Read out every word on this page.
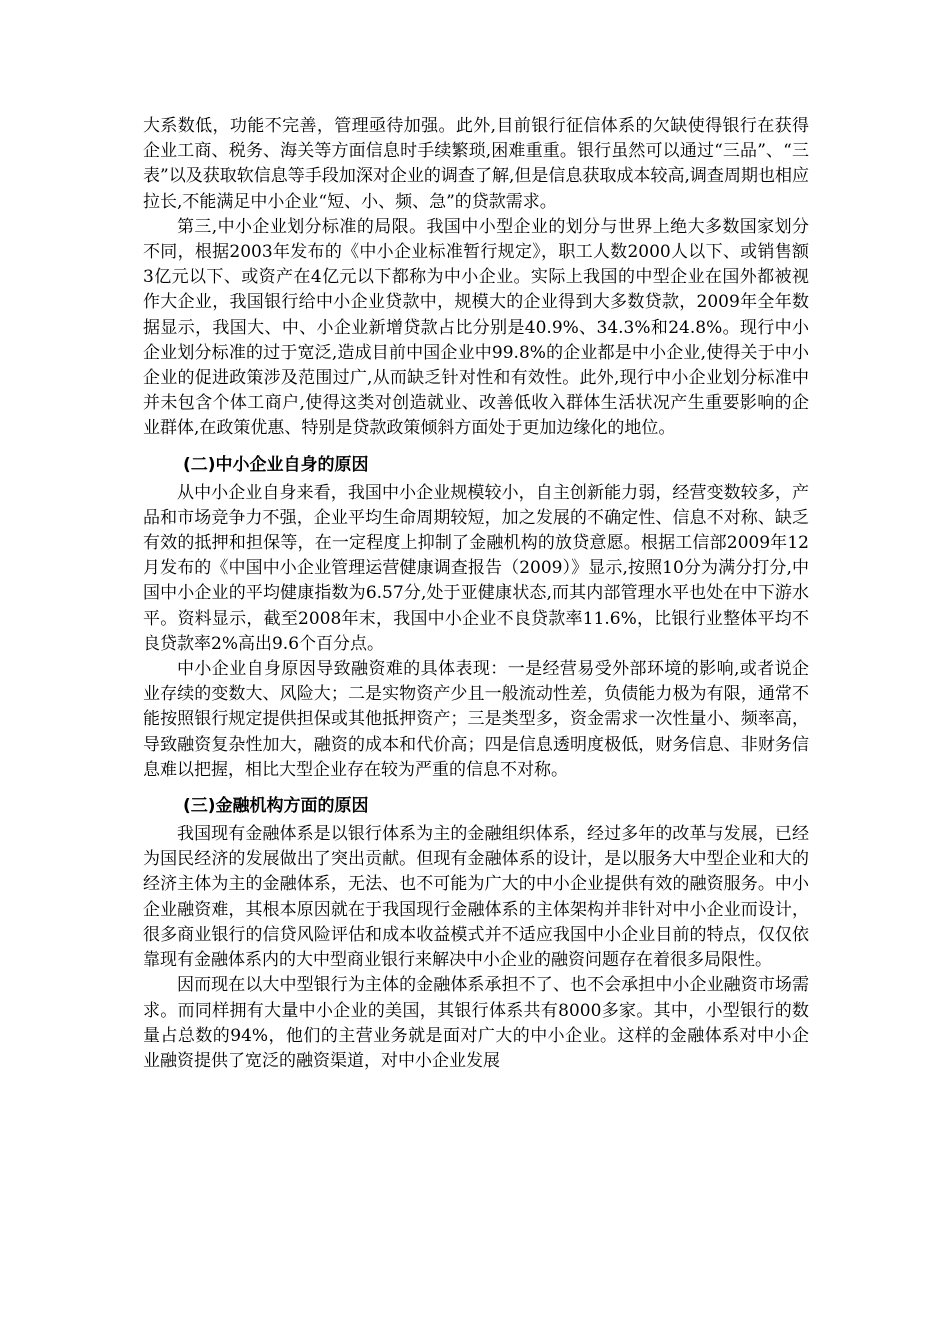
大系数低，功能不完善，管理亟待加强。此外,目前银行征信体系的欠缺使得银行在获得企业工商、税务、海关等方面信息时手续繁琐,困难重重。银行虽然可以通过“三品”、“三表”以及获取软信息等手段加深对企业的调查了解,但是信息获取成本较高,调查周期也相应拉长,不能满足中小企业“短、小、频、急”的贷款需求。

第三,中小企业划分标准的局限。我国中小型企业的划分与世界上绝大多数国家划分不同，根据2003年发布的《中小企业标准暂行规定》，职工人数2000人以下、或销售额3亿元以下、或资产在4亿元以下都称为中小企业。实际上我国的中型企业在国外都被视作大企业，我国银行给中小企业贷款中，规模大的企业得到大多数贷款，2009年全年数据显示，我国大、中、小企业新增贷款占比分别是40.9%、34.3%和24.8%。现行中小企业划分标准的过于宽泛,造成目前中国企业中99.8%的企业都是中小企业,使得关于中小企业的促进政策涉及范围过广,从而缺乏针对性和有效性。此外,现行中小企业划分标准中并未包含个体工商户,使得这类对创造就业、改善低收入群体生活状况产生重要影响的企业群体,在政策优惠、特别是贷款政策倾斜方面处于更加边缘化的地位。

(二)中小企业自身的原因

从中小企业自身来看，我国中小企业规模较小，自主创新能力弱，经营变数较多，产品和市场竞争力不强，企业平均生命周期较短，加之发展的不确定性、信息不对称、缺乏有效的抵押和担保等，在一定程度上抑制了金融机构的放贷意愿。根据工信部2009年12月发布的《中国中小企业管理运营健康调查报告（2009）》显示,按照10分为满分打分,中国中小企业的平均健康指数为6.57分,处于亚健康状态,而其内部管理水平也处在中下游水平。资料显示，截至2008年末，我国中小企业不良贷款率11.6%，比银行业整体平均不良贷款率2%高出9.6个百分点。

中小企业自身原因导致融资难的具体表现：一是经营易受外部环境的影响,或者说企业存续的变数大、风险大；二是实物资产少且一般流动性差，负债能力极为有限，通常不能按照银行规定提供担保或其他抵押资产；三是类型多，资金需求一次性量小、频率高，导致融资复杂性加大，融资的成本和代价高；四是信息透明度极低，财务信息、非财务信息难以把握，相比大型企业存在较为严重的信息不对称。

(三)金融机构方面的原因

我国现有金融体系是以银行体系为主的金融组织体系，经过多年的改革与发展，已经为国民经济的发展做出了突出贡献。但现有金融体系的设计，是以服务大中型企业和大的经济主体为主的金融体系，无法、也不可能为广大的中小企业提供有效的融资服务。中小企业融资难，其根本原因就在于我国现行金融体系的主体架构并非针对中小企业而设计，很多商业银行的信贷风险评估和成本收益模式并不适应我国中小企业目前的特点，仅仅依靠现有金融体系内的大中型商业银行来解决中小企业的融资问题存在着很多局限性。

因而现在以大中型银行为主体的金融体系承担不了、也不会承担中小企业融资市场需求。而同样拥有大量中小企业的美国，其银行体系共有8000多家。其中，小型银行的数量占总数的94%，他们的主营业务就是面对广大的中小企业。这样的金融体系对中小企业融资提供了宽泛的融资渠道，对中小企业发展
